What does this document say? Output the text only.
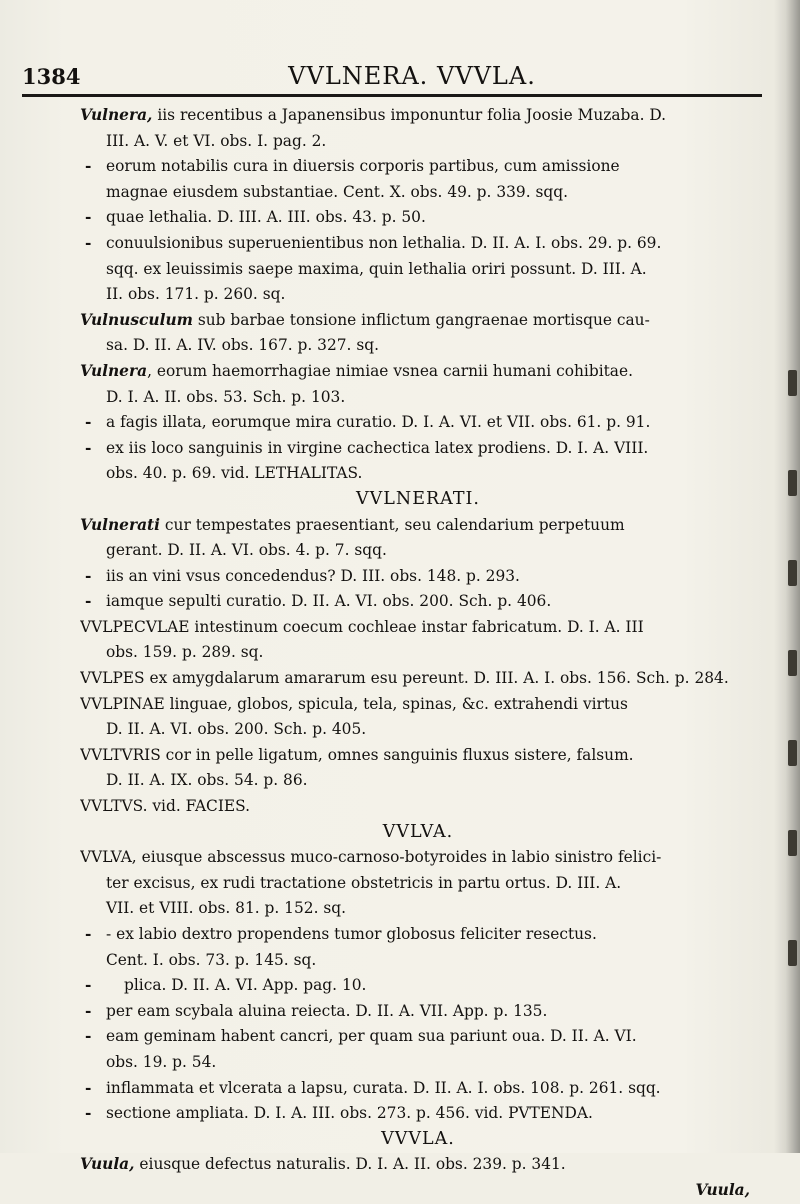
1384	VVLNERA. VVVLA.
Vulnera, iis recentibus a Japanensibus imponuntur folia Joosie Muzaba. D.
III. A. V. et VI. obs. I. pag. 2.
- eorum notabilis cura in diuersis corporis partibus, cum amissione
magnae eiusdem substantiae. Cent. X. obs. 49. p. 339. sqq.
- quae lethalia. D. III. A. III. obs. 43. p. 50.
- conuulsionibus superuenientibus non lethalia. D. II. A. I. obs. 29. p. 69.
sqq. ex leuissimis saepe maxima, quin lethalia oriri possunt. D. III. A.
II. obs. 171. p. 260. sq.
Vulnusculum sub barbae tonsione inflictum gangraenae mortisque cau-
sa. D. II. A. IV. obs. 167. p. 327. sq.
Vulnera, eorum haemorrhagiae nimiae vsnea carnii humani cohibitae.
D. I. A. II. obs. 53. Sch. p. 103.
- a fagis illata, eorumque mira curatio. D. I. A. VI. et VII. obs. 61. p. 91.
- ex iis loco sanguinis in virgine cachectica latex prodiens. D. I. A. VIII.
obs. 40. p. 69. vid. LETHALITAS.
VVLNERATI.
Vulnerati cur tempestates praesentiant, seu calendarium perpetuum
gerant. D. II. A. VI. obs. 4. p. 7. sqq.
- iis an vini vsus concedendus? D. III. obs. 148. p. 293.
- iamque sepulti curatio. D. II. A. VI. obs. 200. Sch. p. 406.
VVLPECVLAE intestinum coecum cochleae instar fabricatum. D. I. A. III
obs. 159. p. 289. sq.
VVLPES ex amygdalarum amararum esu pereunt. D. III. A. I. obs. 156. Sch. p. 284.
VVLPINAE linguae, globos, spicula, tela, spinas, &c. extrahendi virtus
D. II. A. VI. obs. 200. Sch. p. 405.
VVLTVRIS cor in pelle ligatum, omnes sanguinis fluxus sistere, falsum.
D. II. A. IX. obs. 54. p. 86.
VVLTVS. vid. FACIES.
VVLVA.
VVLVA, eiusque abscessus muco-carnoso-botyroides in labio sinistro felici-
ter excisus, ex rudi tractatione obstetricis in partu ortus. D. III. A.
VII. et VIII. obs. 81. p. 152. sq.
- - ex labio dextro propendens tumor globosus feliciter resectus.
Cent. I. obs. 73. p. 145. sq.
- plica. D. II. A. VI. App. pag. 10.
- per eam scybala aluina reiecta. D. II. A. VII. App. p. 135.
- eam geminam habent cancri, per quam sua pariunt oua. D. II. A. VI.
obs. 19. p. 54.
- inflammata et vlcerata a lapsu, curata. D. II. A. I. obs. 108. p. 261. sqq.
- sectione ampliata. D. I. A. III. obs. 273. p. 456. vid. PVTENDA.
VVVLA.
Vuula, eiusque defectus naturalis. D. I. A. II. obs. 239. p. 341.
Vuula,
